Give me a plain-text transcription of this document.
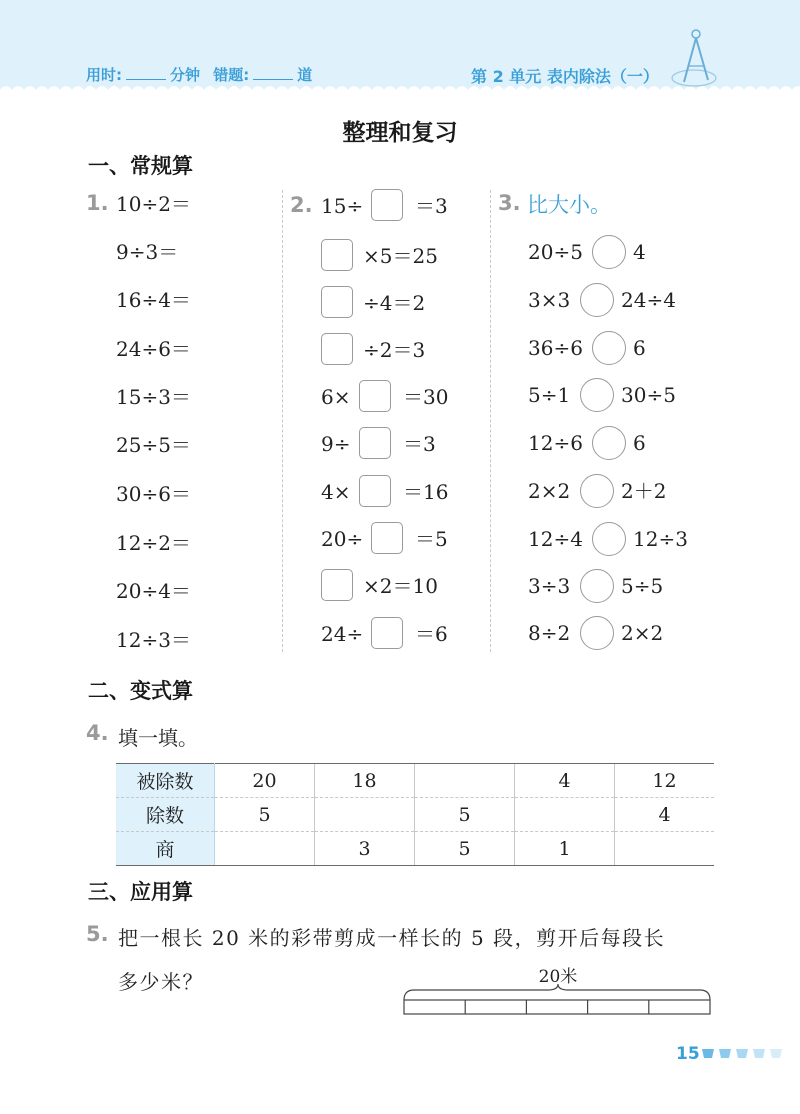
用时:	分钟 错题:	道	第 2 单元 表内除法（一）
整理和复习
一、常规算
1. 10÷2＝
9÷3＝
16÷4＝
24÷6＝
15÷3＝
25÷5＝
30÷6＝
12÷2＝
20÷4＝
12÷3＝
2. 15÷	＝3
×5＝25
÷4＝2
÷2＝3
6×	＝30
9÷	＝3
4×	＝16
20÷	＝5
×2＝10
24÷	＝6
3. 比大小。
20÷5	4
3×3	24÷4
36÷6	6
5÷1	30÷5
12÷6	6
2×2	2＋2
12÷4	12÷3
3÷3	5÷5
8÷2	2×2
二、变式算
4. 填一填。
被除数	20	18		4	12
除数	5		5		4
商		3	5	1	
三、应用算
5. 把一根长 20 米的彩带剪成一样长的 5 段，剪开后每段长
多少米？	20米
15
